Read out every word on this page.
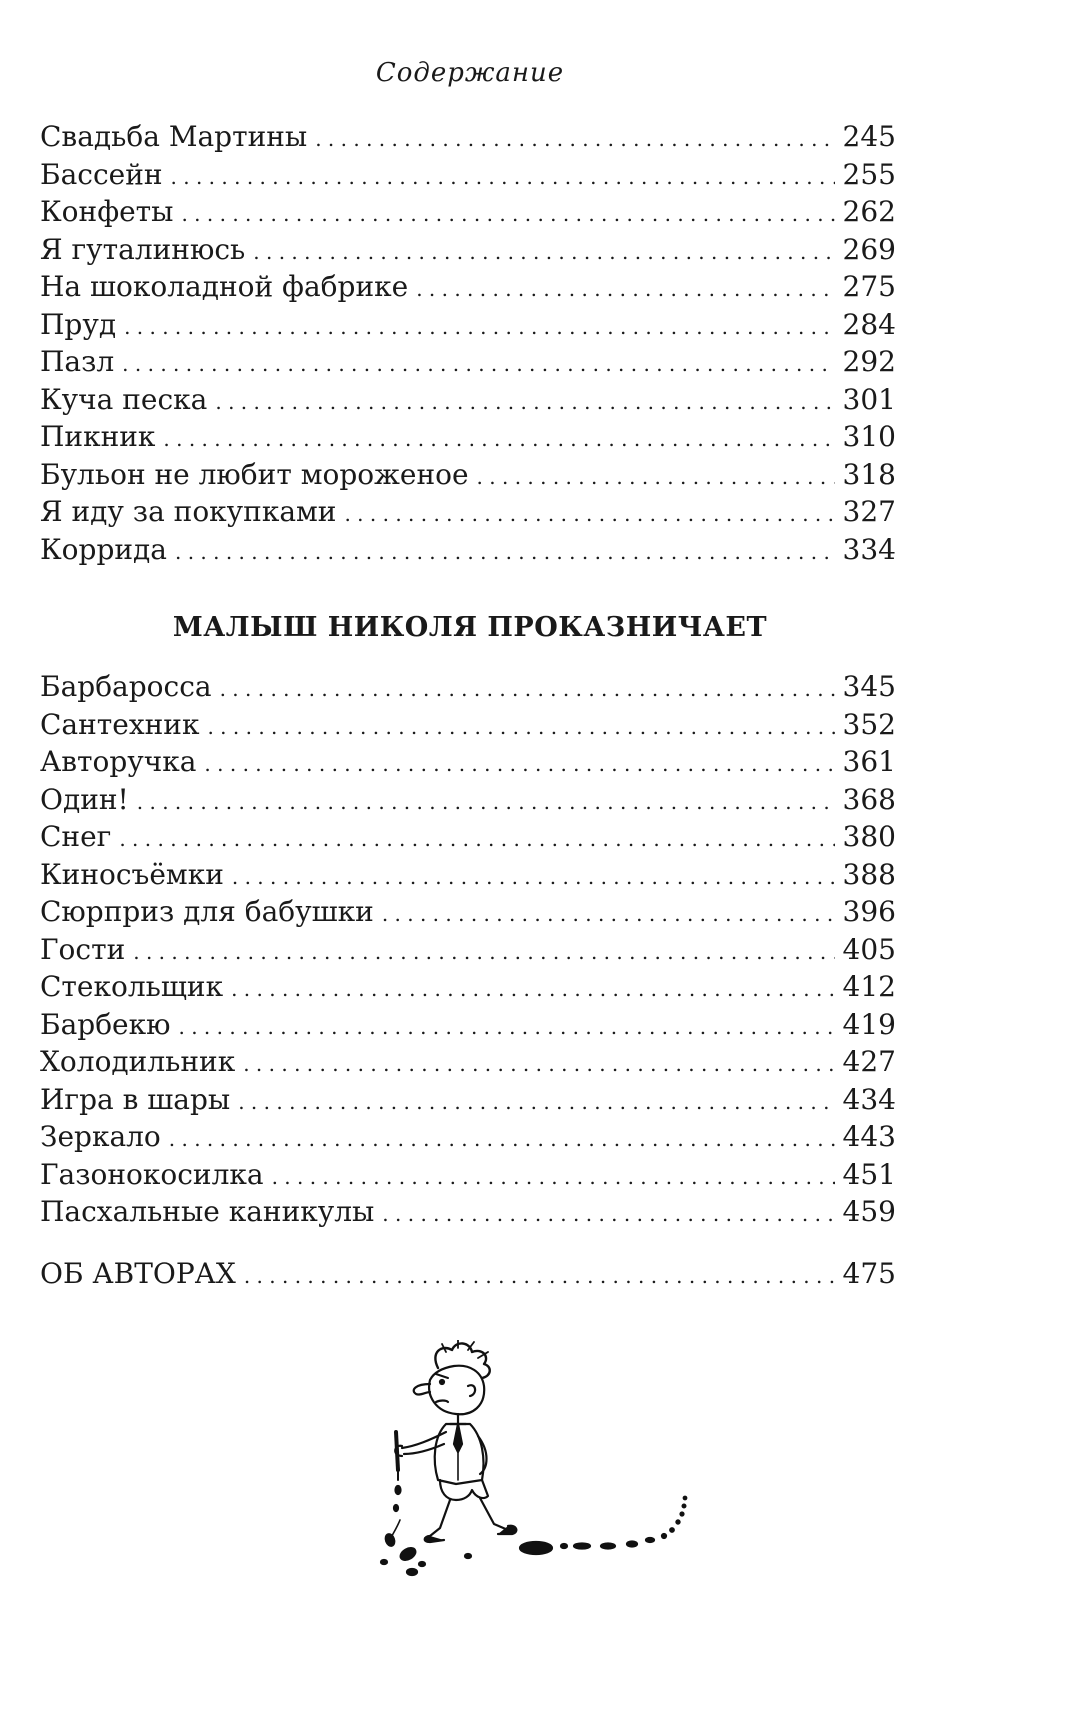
Содержание
Свадьба Мартины . . .	245
Бассейн . . .	255
Конфеты . . .	262
Я гуталинюсь . . .	269
На шоколадной фабрике . . .	275
Пруд . . .	284
Пазл . . .	292
Куча песка . . .	301
Пикник . . .	310
Бульон не любит мороженое . . .	318
Я иду за покупками . . .	327
Коррида . . .	334
МАЛЫШ НИКОЛЯ ПРОКАЗНИЧАЕТ
Барбаросса . . .	345
Сантехник . . .	352
Авторучка . . .	361
Один! . . .	368
Снег . . .	380
Киносъёмки . . .	388
Сюрприз для бабушки . . .	396
Гости . . .	405
Стекольщик . . .	412
Барбекю . . .	419
Холодильник . . .	427
Игра в шары . . .	434
Зеркало . . .	443
Газонокосилка . . .	451
Пасхальные каникулы . . .	459
ОБ АВТОРАХ . . .	475
